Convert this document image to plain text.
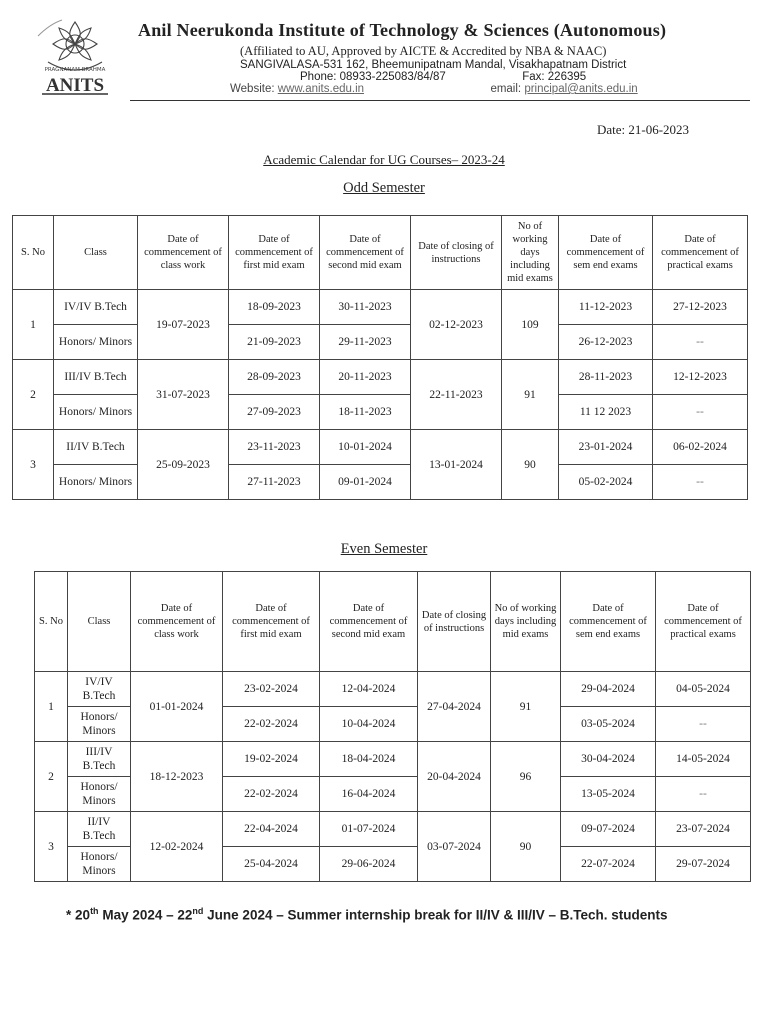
PRAGNANAM BRAHMA
ANITS
Anil Neerukonda Institute of Technology & Sciences (Autonomous)
(Affiliated to AU, Approved by AICTE & Accredited by NBA & NAAC)
SANGIVALASA-531 162, Bheemunipatnam Mandal, Visakhapatnam District
Phone: 08933-225083/84/87	Fax: 226395
Website: www.anits.edu.in	email: principal@anits.edu.in
Date: 21-06-2023
Academic Calendar for UG Courses– 2023-24
Odd Semester
S. No	Class	Date of commencement of class work	Date of commencement of first mid exam	Date of commencement of second mid exam	Date of closing of instructions	No of working days including mid exams	Date of commencement of sem end exams	Date of commencement of practical exams
1	IV/IV B.Tech	19-07-2023	18-09-2023	30-11-2023	02-12-2023	109	11-12-2023	27-12-2023
	Honors/ Minors		21-09-2023	29-11-2023			26-12-2023	--
2	III/IV B.Tech	31-07-2023	28-09-2023	20-11-2023	22-11-2023	91	28-11-2023	12-12-2023
	Honors/ Minors		27-09-2023	18-11-2023			11 12 2023	--
3	II/IV B.Tech	25-09-2023	23-11-2023	10-01-2024	13-01-2024	90	23-01-2024	06-02-2024
	Honors/ Minors		27-11-2023	09-01-2024			05-02-2024	--
Even Semester
S. No	Class	Date of commencement of class work	Date of commencement of first mid exam	Date of commencement of second mid exam	Date of closing of instructions	No of working days including mid exams	Date of commencement of sem end exams	Date of commencement of practical exams
1	IV/IV B.Tech	01-01-2024	23-02-2024	12-04-2024	27-04-2024	91	29-04-2024	04-05-2024
	Honors/ Minors		22-02-2024	10-04-2024			03-05-2024	--
2	III/IV B.Tech	18-12-2023	19-02-2024	18-04-2024	20-04-2024	96	30-04-2024	14-05-2024
	Honors/ Minors		22-02-2024	16-04-2024			13-05-2024	--
3	II/IV B.Tech	12-02-2024	22-04-2024	01-07-2024	03-07-2024	90	09-07-2024	23-07-2024
	Honors/ Minors		25-04-2024	29-06-2024			22-07-2024	29-07-2024
* 20th May 2024 – 22nd June 2024 – Summer internship break for II/IV & III/IV – B.Tech. students
